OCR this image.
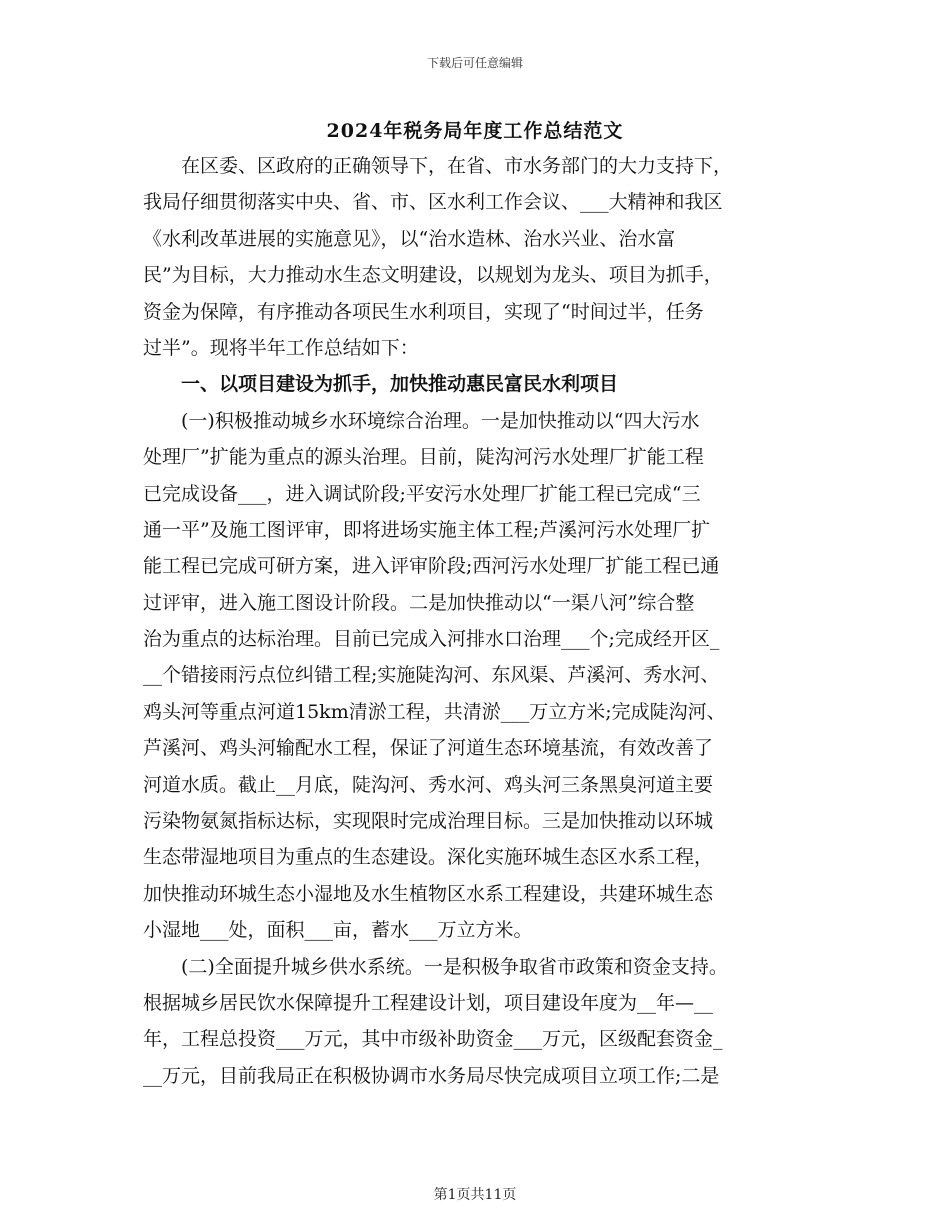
下载后可任意编辑
2024年税务局年度工作总结范文
在区委、区政府的正确领导下，在省、市水务部门的大力支持下，
我局仔细贯彻落实中央、省、市、区水利工作会议、___大精神和我区
《水利改革进展的实施意见》，以“治水造林、治水兴业、治水富
民”为目标，大力推动水生态文明建设，以规划为龙头、项目为抓手，
资金为保障，有序推动各项民生水利项目，实现了“时间过半，任务
过半”。现将半年工作总结如下：
一、以项目建设为抓手，加快推动惠民富民水利项目
(一)积极推动城乡水环境综合治理。一是加快推动以“四大污水
处理厂”扩能为重点的源头治理。目前，陡沟河污水处理厂扩能工程
已完成设备___，进入调试阶段;平安污水处理厂扩能工程已完成“三
通一平”及施工图评审，即将进场实施主体工程;芦溪河污水处理厂扩
能工程已完成可研方案，进入评审阶段;西河污水处理厂扩能工程已通
过评审，进入施工图设计阶段。二是加快推动以“一渠八河”综合整
治为重点的达标治理。目前已完成入河排水口治理___个;完成经开区_
__个错接雨污点位纠错工程;实施陡沟河、东风渠、芦溪河、秀水河、
鸡头河等重点河道15km清淤工程，共清淤___万立方米;完成陡沟河、
芦溪河、鸡头河输配水工程，保证了河道生态环境基流，有效改善了
河道水质。截止__月底，陡沟河、秀水河、鸡头河三条黑臭河道主要
污染物氨氮指标达标，实现限时完成治理目标。三是加快推动以环城
生态带湿地项目为重点的生态建设。深化实施环城生态区水系工程，
加快推动环城生态小湿地及水生植物区水系工程建设，共建环城生态
小湿地___处，面积___亩，蓄水___万立方米。
(二)全面提升城乡供水系统。一是积极争取省市政策和资金支持。
根据城乡居民饮水保障提升工程建设计划，项目建设年度为__年—__
年，工程总投资___万元，其中市级补助资金___万元，区级配套资金_
__万元，目前我局正在积极协调市水务局尽快完成项目立项工作;二是
第1页共11页
